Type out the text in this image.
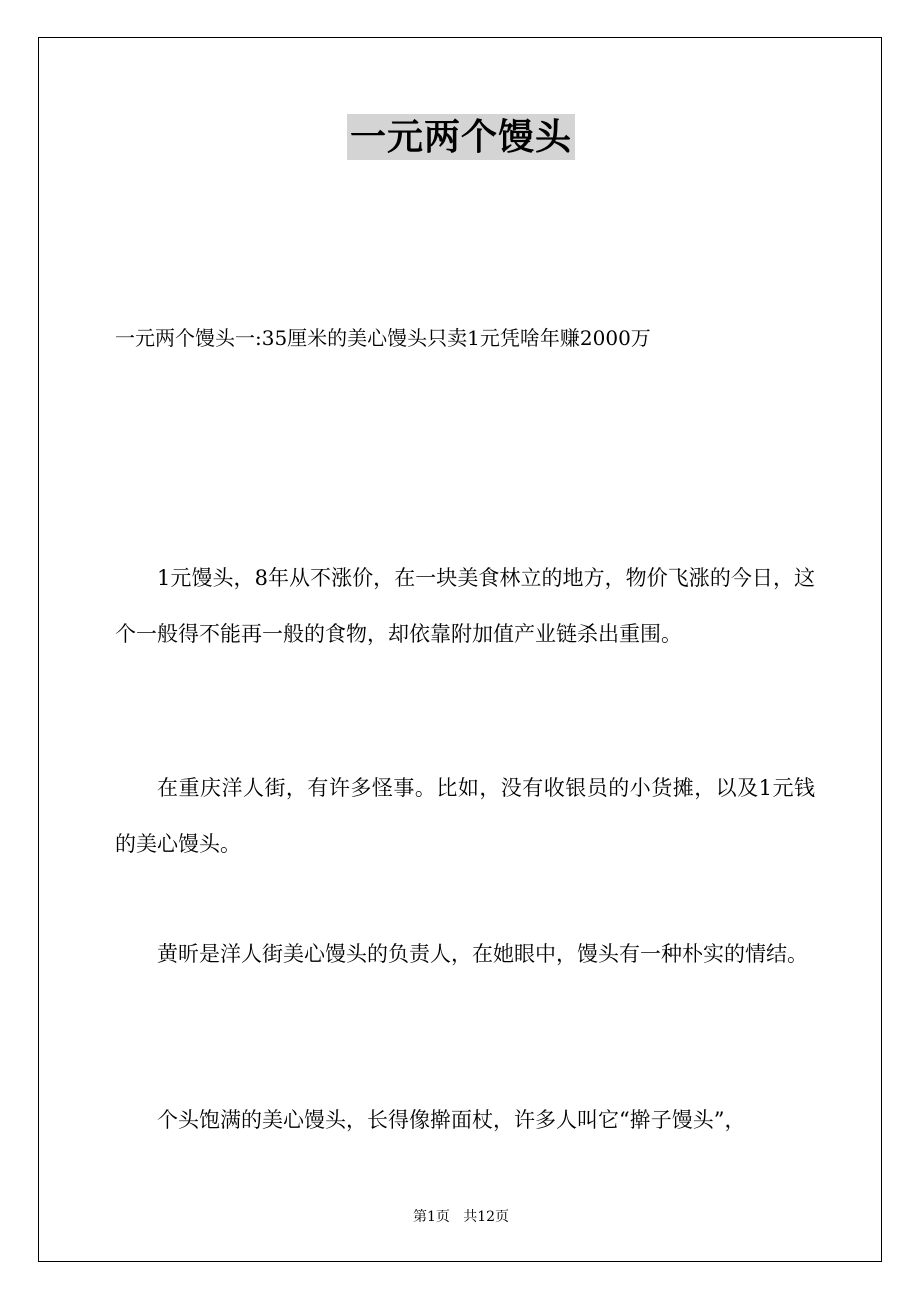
一元两个馒头
一元两个馒头一:35厘米的美心馒头只卖1元凭啥年赚2000万

1元馒头，8年从不涨价，在一块美食林立的地方，物价飞涨的今日，这个一般得不能再一般的食物，却依靠附加值产业链杀出重围。

在重庆洋人街，有许多怪事。比如，没有收银员的小货摊，以及1元钱的美心馒头。

黄昕是洋人街美心馒头的负责人，在她眼中，馒头有一种朴实的情结。

个头饱满的美心馒头，长得像擀面杖，许多人叫它“擀子馒头”，

第1页   共12页
